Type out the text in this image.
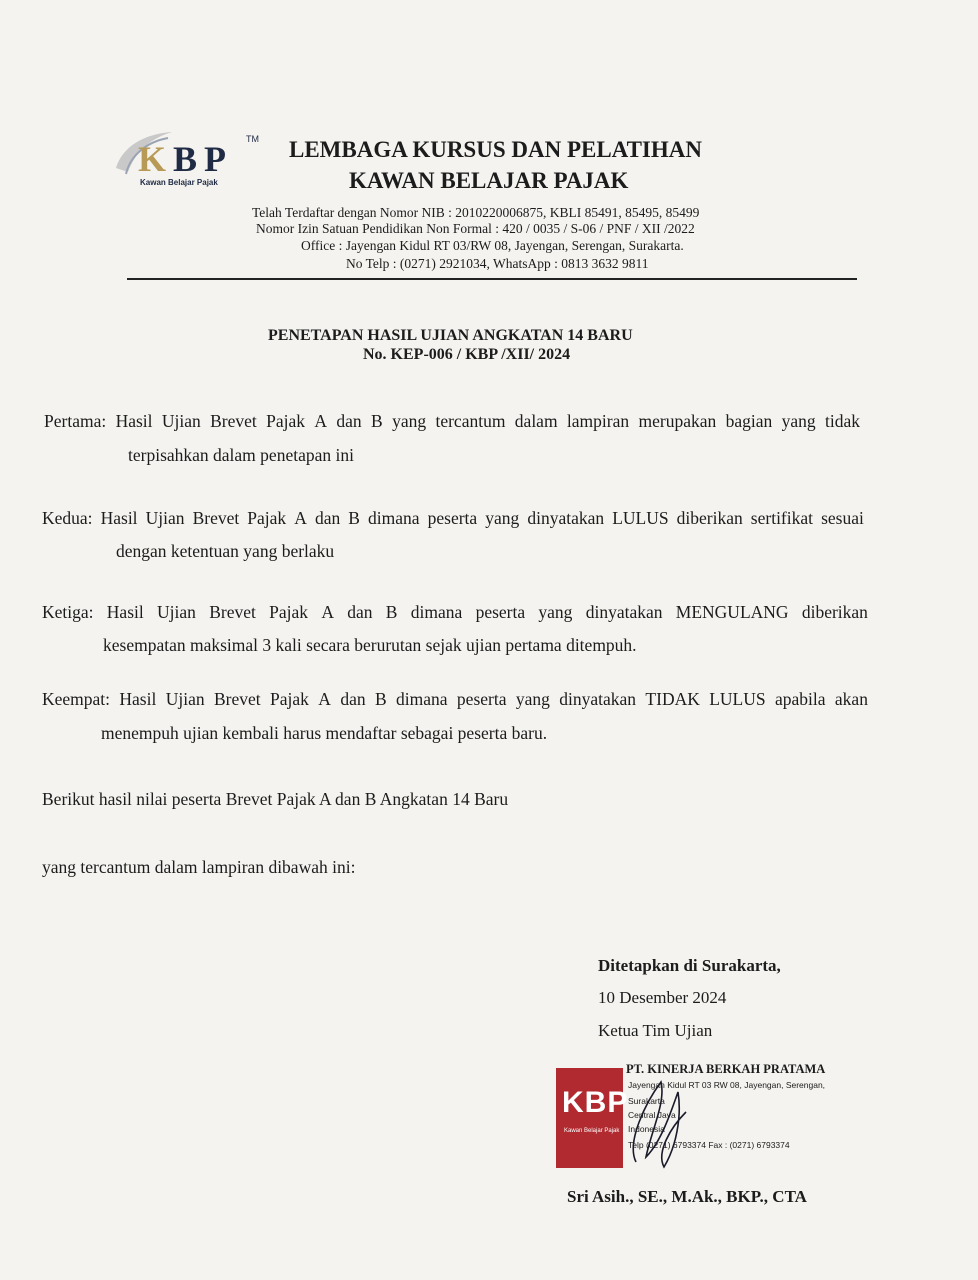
KBP TM
Kawan Belajar Pajak
LEMBAGA KURSUS DAN PELATIHAN
KAWAN BELAJAR PAJAK
Telah Terdaftar dengan Nomor NIB : 2010220006875, KBLI 85491, 85495, 85499
Nomor Izin Satuan Pendidikan Non Formal : 420 / 0035 / S-06 / PNF / XII /2022
Office : Jayengan Kidul RT 03/RW 08, Jayengan, Serengan, Surakarta.
No Telp : (0271) 2921034, WhatsApp : 0813 3632 9811
PENETAPAN HASIL UJIAN ANGKATAN 14 BARU
No. KEP-006 / KBP /XII/ 2024
Pertama: Hasil Ujian Brevet Pajak A dan B yang tercantum dalam lampiran merupakan bagian yang tidak
terpisahkan dalam penetapan ini
Kedua: Hasil Ujian Brevet Pajak A dan B dimana peserta yang dinyatakan LULUS diberikan sertifikat sesuai
dengan ketentuan yang berlaku
Ketiga: Hasil Ujian Brevet Pajak A dan B dimana peserta yang dinyatakan MENGULANG diberikan
kesempatan maksimal 3 kali secara berurutan sejak ujian pertama ditempuh.
Keempat: Hasil Ujian Brevet Pajak A dan B dimana peserta yang dinyatakan TIDAK LULUS apabila akan
menempuh ujian kembali harus mendaftar sebagai peserta baru.
Berikut hasil nilai peserta Brevet Pajak A dan B Angkatan 14 Baru
yang tercantum dalam lampiran dibawah ini:
Ditetapkan di Surakarta,
10 Desember 2024
Ketua Tim Ujian
KBP
Kawan Belajar Pajak
PT. KINERJA BERKAH PRATAMA
Jayengan Kidul RT 03 RW 08, Jayengan, Serengan,
Surakarta
Central Java
Indonesia
Telp (0271) 6793374 Fax : (0271) 6793374
Sri Asih., SE., M.Ak., BKP., CTA
